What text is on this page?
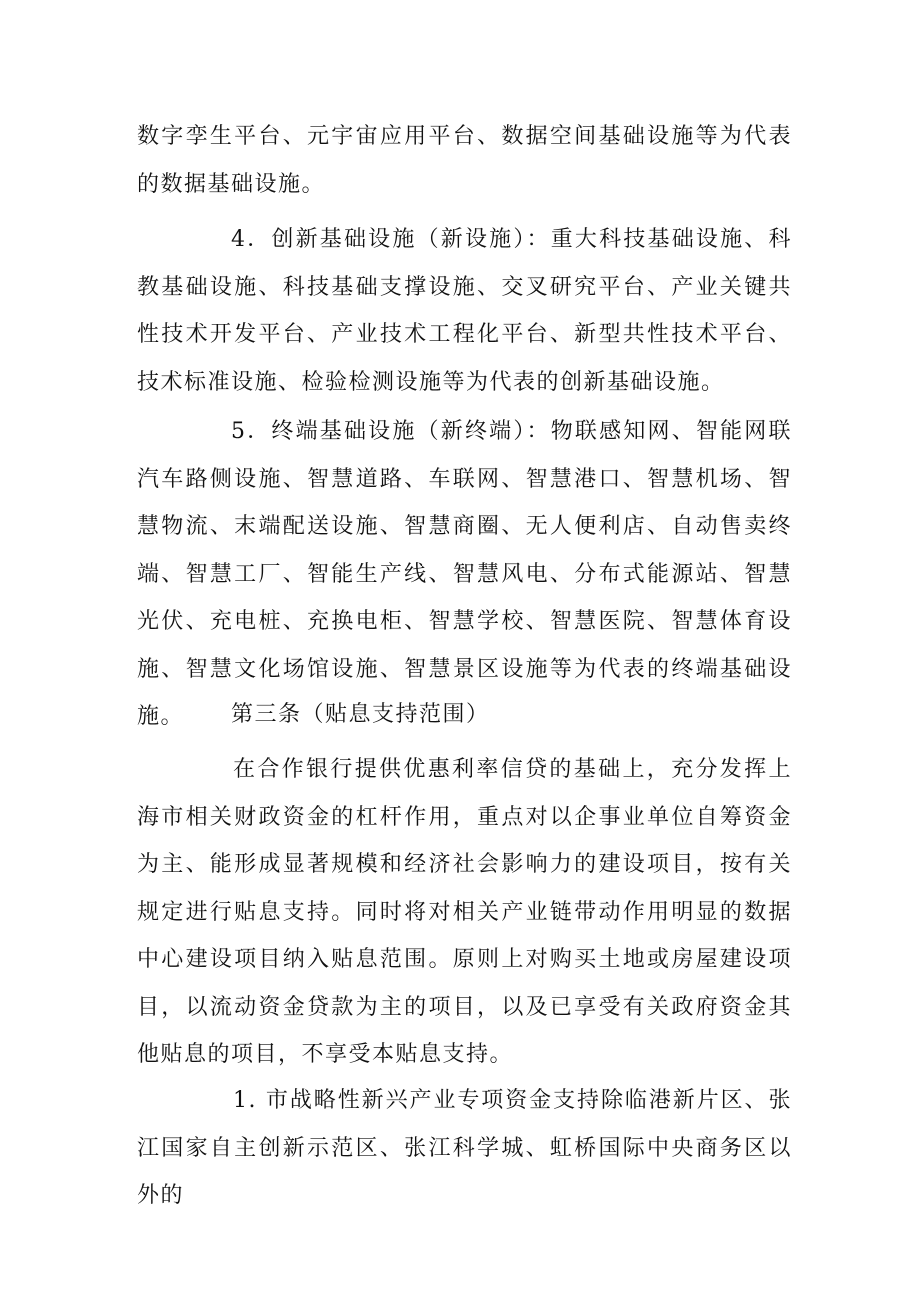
数字孪生平台、元宇宙应用平台、数据空间基础设施等为代表的数据基础设施。

4．创新基础设施（新设施）：重大科技基础设施、科教基础设施、科技基础支撑设施、交叉研究平台、产业关键共性技术开发平台、产业技术工程化平台、新型共性技术平台、技术标准设施、检验检测设施等为代表的创新基础设施。

5．终端基础设施（新终端）：物联感知网、智能网联汽车路侧设施、智慧道路、车联网、智慧港口、智慧机场、智慧物流、末端配送设施、智慧商圈、无人便利店、自动售卖终端、智慧工厂、智能生产线、智慧风电、分布式能源站、智慧光伏、充电桩、充换电柜、智慧学校、智慧医院、智慧体育设施、智慧文化场馆设施、智慧景区设施等为代表的终端基础设施。	第三条（贴息支持范围）

在合作银行提供优惠利率信贷的基础上，充分发挥上海市相关财政资金的杠杆作用，重点对以企事业单位自筹资金为主、能形成显著规模和经济社会影响力的建设项目，按有关规定进行贴息支持。同时将对相关产业链带动作用明显的数据中心建设项目纳入贴息范围。原则上对购买土地或房屋建设项目，以流动资金贷款为主的项目，以及已享受有关政府资金其他贴息的项目，不享受本贴息支持。

1. 市战略性新兴产业专项资金支持除临港新片区、张江国家自主创新示范区、张江科学城、虹桥国际中央商务区以外的
